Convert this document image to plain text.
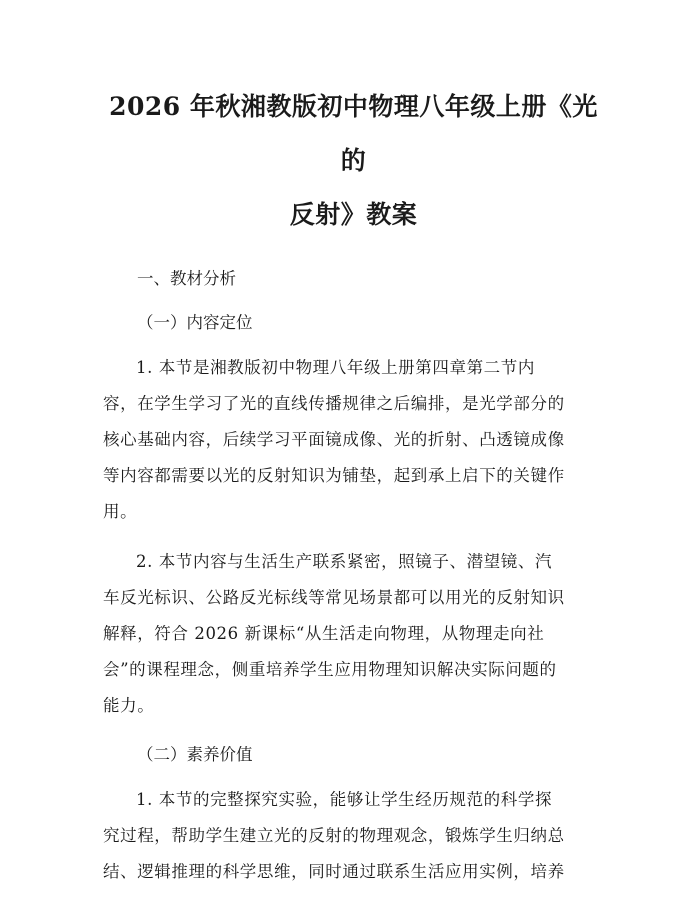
2026 年秋湘教版初中物理八年级上册《光的
反射》教案

一、教材分析

（一）内容定位

1. 本节是湘教版初中物理八年级上册第四章第二节内
容，在学生学习了光的直线传播规律之后编排，是光学部分的
核心基础内容，后续学习平面镜成像、光的折射、凸透镜成像
等内容都需要以光的反射知识为铺垫，起到承上启下的关键作
用。
2. 本节内容与生活生产联系紧密，照镜子、潜望镜、汽
车反光标识、公路反光标线等常见场景都可以用光的反射知识
解释，符合 2026 新课标“从生活走向物理，从物理走向社
会”的课程理念，侧重培养学生应用物理知识解决实际问题的
能力。

（二）素养价值

1. 本节的完整探究实验，能够让学生经历规范的科学探
究过程，帮助学生建立光的反射的物理观念，锻炼学生归纳总
结、逻辑推理的科学思维，同时通过联系生活应用实例，培养
